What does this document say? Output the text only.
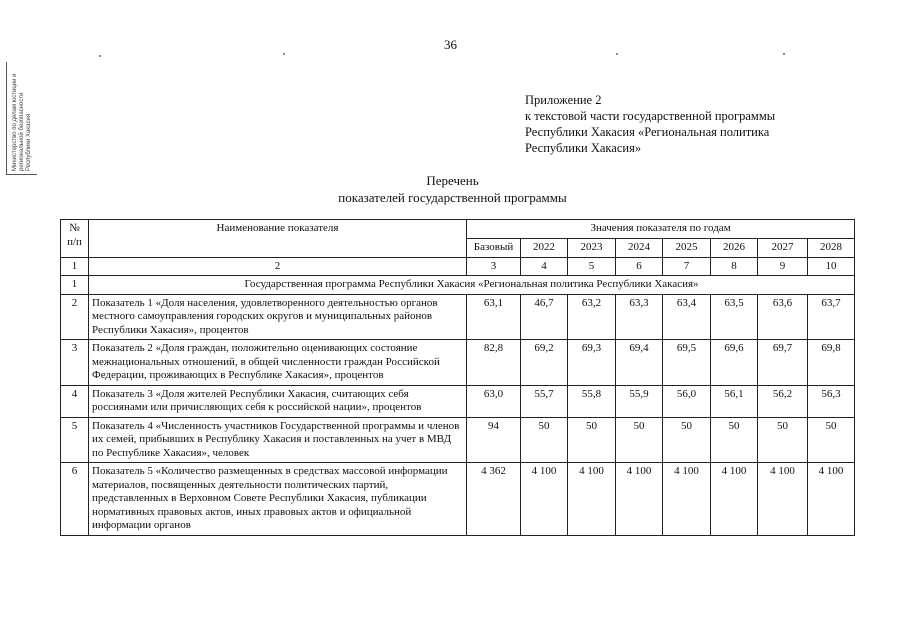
36
Министерство по делам юстиции и региональной безопасности Республики Хакасия
Приложение 2
к текстовой части государственной программы
Республики Хакасия «Региональная политика
Республики Хакасия»
Перечень
показателей государственной программы
№ п/п	Наименование показателя	Значения показателя по годам							
		Базовый	2022	2023	2024	2025	2026	2027	2028
1	2	3	4	5	6	7	8	9	10
1	Государственная программа Республики Хакасия «Региональная политика Республики Хакасия»								
2	Показатель 1 «Доля населения, удовлетворенного деятельностью органов местного самоуправления городских округов и муниципальных районов Республики Хакасия», процентов	63,1	46,7	63,2	63,3	63,4	63,5	63,6	63,7
3	Показатель 2 «Доля граждан, положительно оценивающих состояние межнациональных отношений, в общей численности граждан Российской Федерации, проживающих в Республике Хакасия», процентов	82,8	69,2	69,3	69,4	69,5	69,6	69,7	69,8
4	Показатель 3 «Доля жителей Республики Хакасия, считающих себя россиянами или причисляющих себя к российской нации», процентов	63,0	55,7	55,8	55,9	56,0	56,1	56,2	56,3
5	Показатель 4 «Численность участников Государственной программы и членов их семей, прибывших в Республику Хакасия и поставленных на учет в МВД по Республике Хакасия», человек	94	50	50	50	50	50	50	50
6	Показатель 5 «Количество размещенных в средствах массовой информации материалов, посвященных деятельности политических партий, представленных в Верховном Совете Республики Хакасия, публикации нормативных правовых актов, иных правовых актов и официальной информации органов	4 362	4 100	4 100	4 100	4 100	4 100	4 100	4 100
